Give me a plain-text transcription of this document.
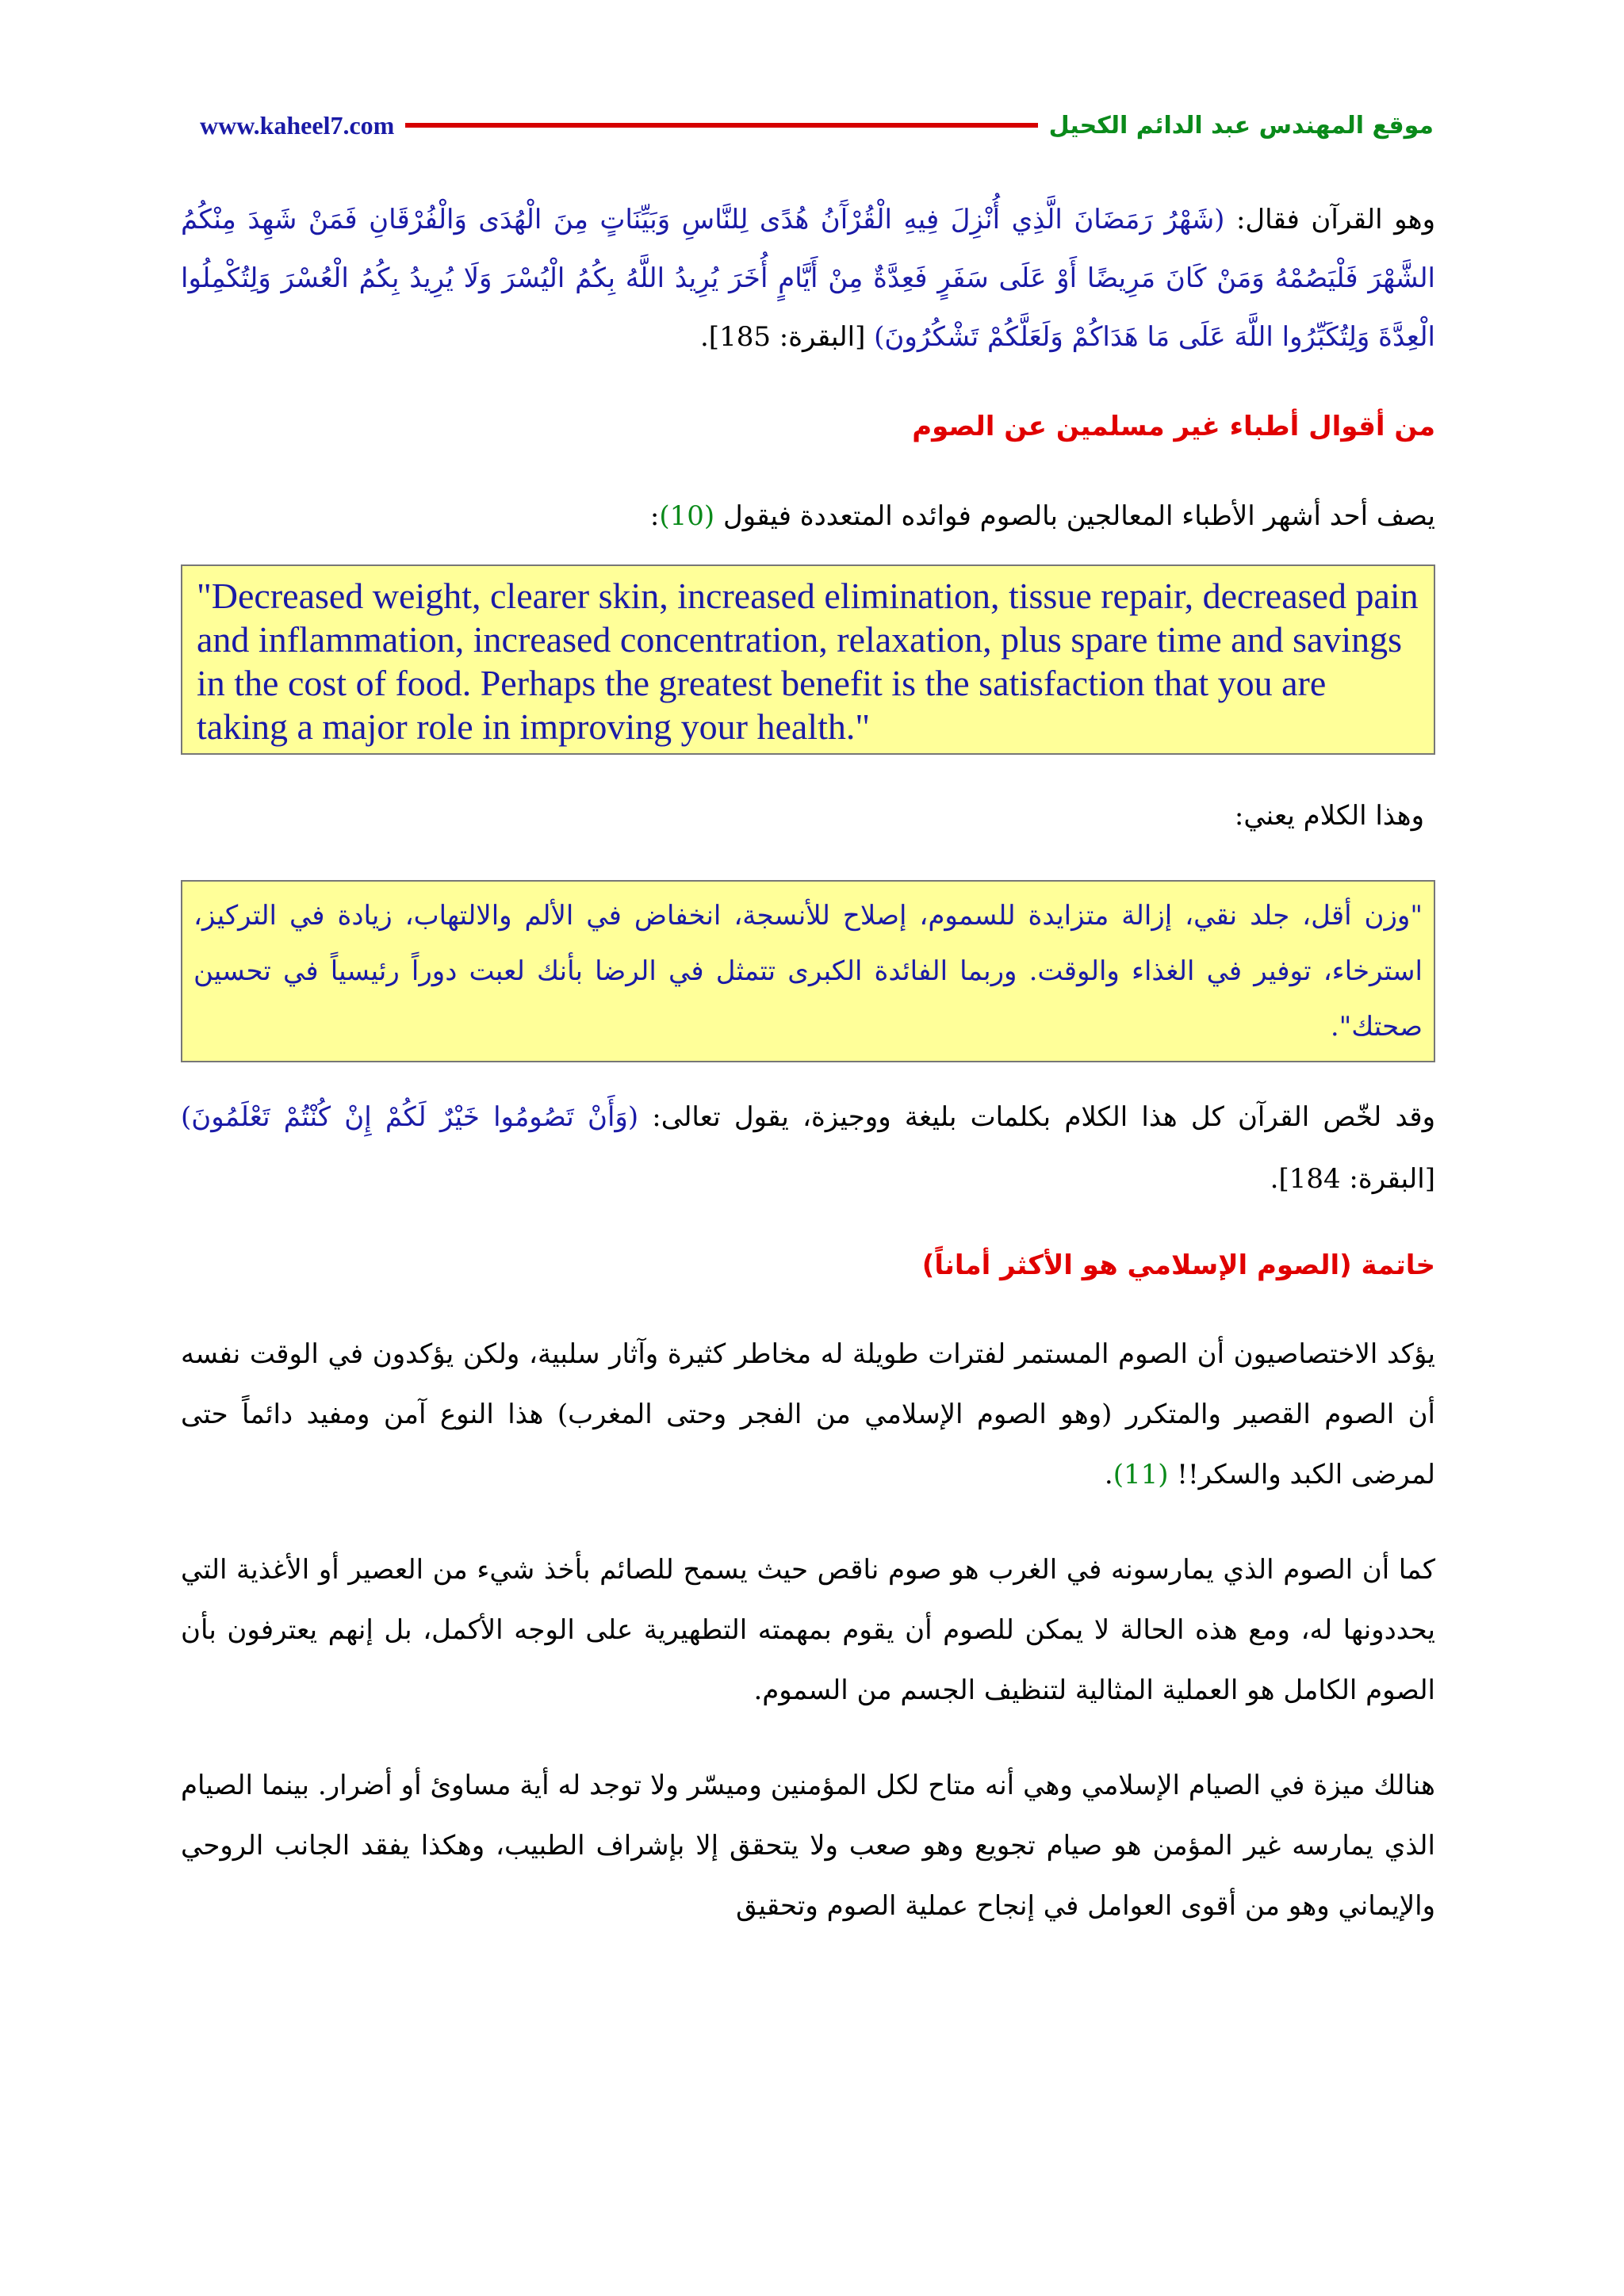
www.kaheel7.com	موقع المهندس عبد الدائم الكحيل

وهو القرآن فقال: (شَهْرُ رَمَضَانَ الَّذِي أُنْزِلَ فِيهِ الْقُرْآَنُ هُدًى لِلنَّاسِ وَبَيِّنَاتٍ مِنَ الْهُدَى وَالْفُرْقَانِ فَمَنْ شَهِدَ مِنْكُمُ الشَّهْرَ فَلْيَصُمْهُ وَمَنْ كَانَ مَرِيضًا أَوْ عَلَى سَفَرٍ فَعِدَّةٌ مِنْ أَيَّامٍ أُخَرَ يُرِيدُ اللَّهُ بِكُمُ الْيُسْرَ وَلَا يُرِيدُ بِكُمُ الْعُسْرَ وَلِتُكْمِلُوا الْعِدَّةَ وَلِتُكَبِّرُوا اللَّهَ عَلَى مَا هَدَاكُمْ وَلَعَلَّكُمْ تَشْكُرُونَ) [البقرة: 185].

من أقوال أطباء غير مسلمين عن الصوم

يصف أحد أشهر الأطباء المعالجين بالصوم فوائده المتعددة فيقول (10):

"Decreased weight, clearer skin, increased elimination, tissue repair, decreased pain and inflammation, increased concentration, relaxation, plus spare time and savings in the cost of food. Perhaps the greatest benefit is the satisfaction that you are taking a major role in improving your health."

وهذا الكلام يعني:

"وزن أقل، جلد نقي، إزالة متزايدة للسموم، إصلاح للأنسجة، انخفاض في الألم والالتهاب، زيادة في التركيز، استرخاء، توفير في الغذاء والوقت. وربما الفائدة الكبرى تتمثل في الرضا بأنك لعبت دوراً رئيسياً في تحسين صحتك".

وقد لخّص القرآن كل هذا الكلام بكلمات بليغة ووجيزة، يقول تعالى: (وَأَنْ تَصُومُوا خَيْرٌ لَكُمْ إِنْ كُنْتُمْ تَعْلَمُونَ) [البقرة: 184].

خاتمة (الصوم الإسلامي هو الأكثر أماناً)

يؤكد الاختصاصيون أن الصوم المستمر لفترات طويلة له مخاطر كثيرة وآثار سلبية، ولكن يؤكدون في الوقت نفسه أن الصوم القصير والمتكرر (وهو الصوم الإسلامي من الفجر وحتى المغرب) هذا النوع آمن ومفيد دائماً حتى لمرضى الكبد والسكر!! (11).

كما أن الصوم الذي يمارسونه في الغرب هو صوم ناقص حيث يسمح للصائم بأخذ شيء من العصير أو الأغذية التي يحددونها له، ومع هذه الحالة لا يمكن للصوم أن يقوم بمهمته التطهيرية على الوجه الأكمل، بل إنهم يعترفون بأن الصوم الكامل هو العملية المثالية لتنظيف الجسم من السموم.

هنالك ميزة في الصيام الإسلامي وهي أنه متاح لكل المؤمنين وميسّر ولا توجد له أية مساوئ أو أضرار. بينما الصيام الذي يمارسه غير المؤمن هو صيام تجويع وهو صعب ولا يتحقق إلا بإشراف الطبيب، وهكذا يفقد الجانب الروحي والإيماني وهو من أقوى العوامل في إنجاح عملية الصوم وتحقيق
